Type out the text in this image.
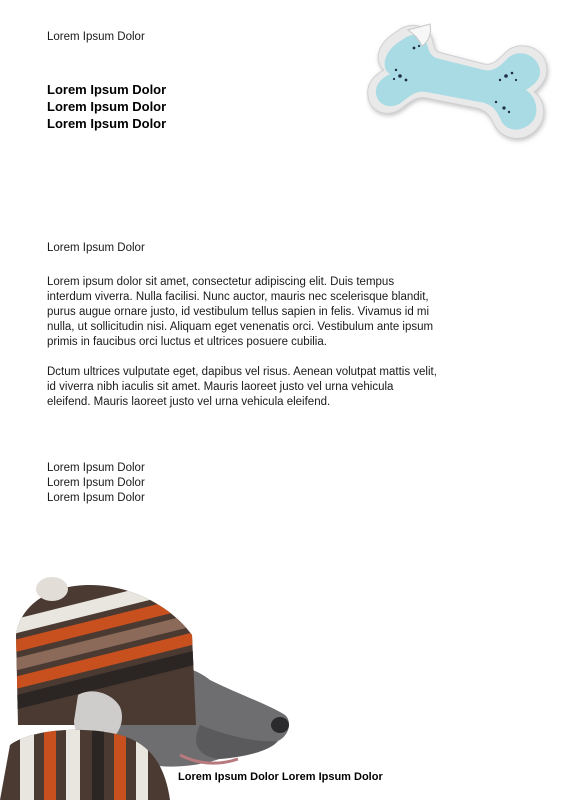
Lorem Ipsum Dolor
Lorem Ipsum Dolor
Lorem Ipsum Dolor
Lorem Ipsum Dolor
Lorem Ipsum Dolor

Lorem ipsum dolor sit amet, consectetur adipiscing elit. Duis tempus interdum viverra. Nulla facilisi. Nunc auctor, mauris nec scelerisque blandit, purus augue ornare justo, id vestibulum tellus sapien in felis. Vivamus id mi nulla, ut sollicitudin nisi. Aliquam eget venenatis orci. Vestibulum ante ipsum primis in faucibus orci luctus et ultrices posuere cubilia.

Dctum ultrices vulputate eget, dapibus vel risus. Aenean volutpat mattis velit, id viverra nibh iaculis sit amet. Mauris laoreet justo vel urna vehicula eleifend. Mauris laoreet justo vel urna vehicula eleifend.

Lorem Ipsum Dolor
Lorem Ipsum Dolor
Lorem Ipsum Dolor
Lorem Ipsum Dolor Lorem Ipsum Dolor
